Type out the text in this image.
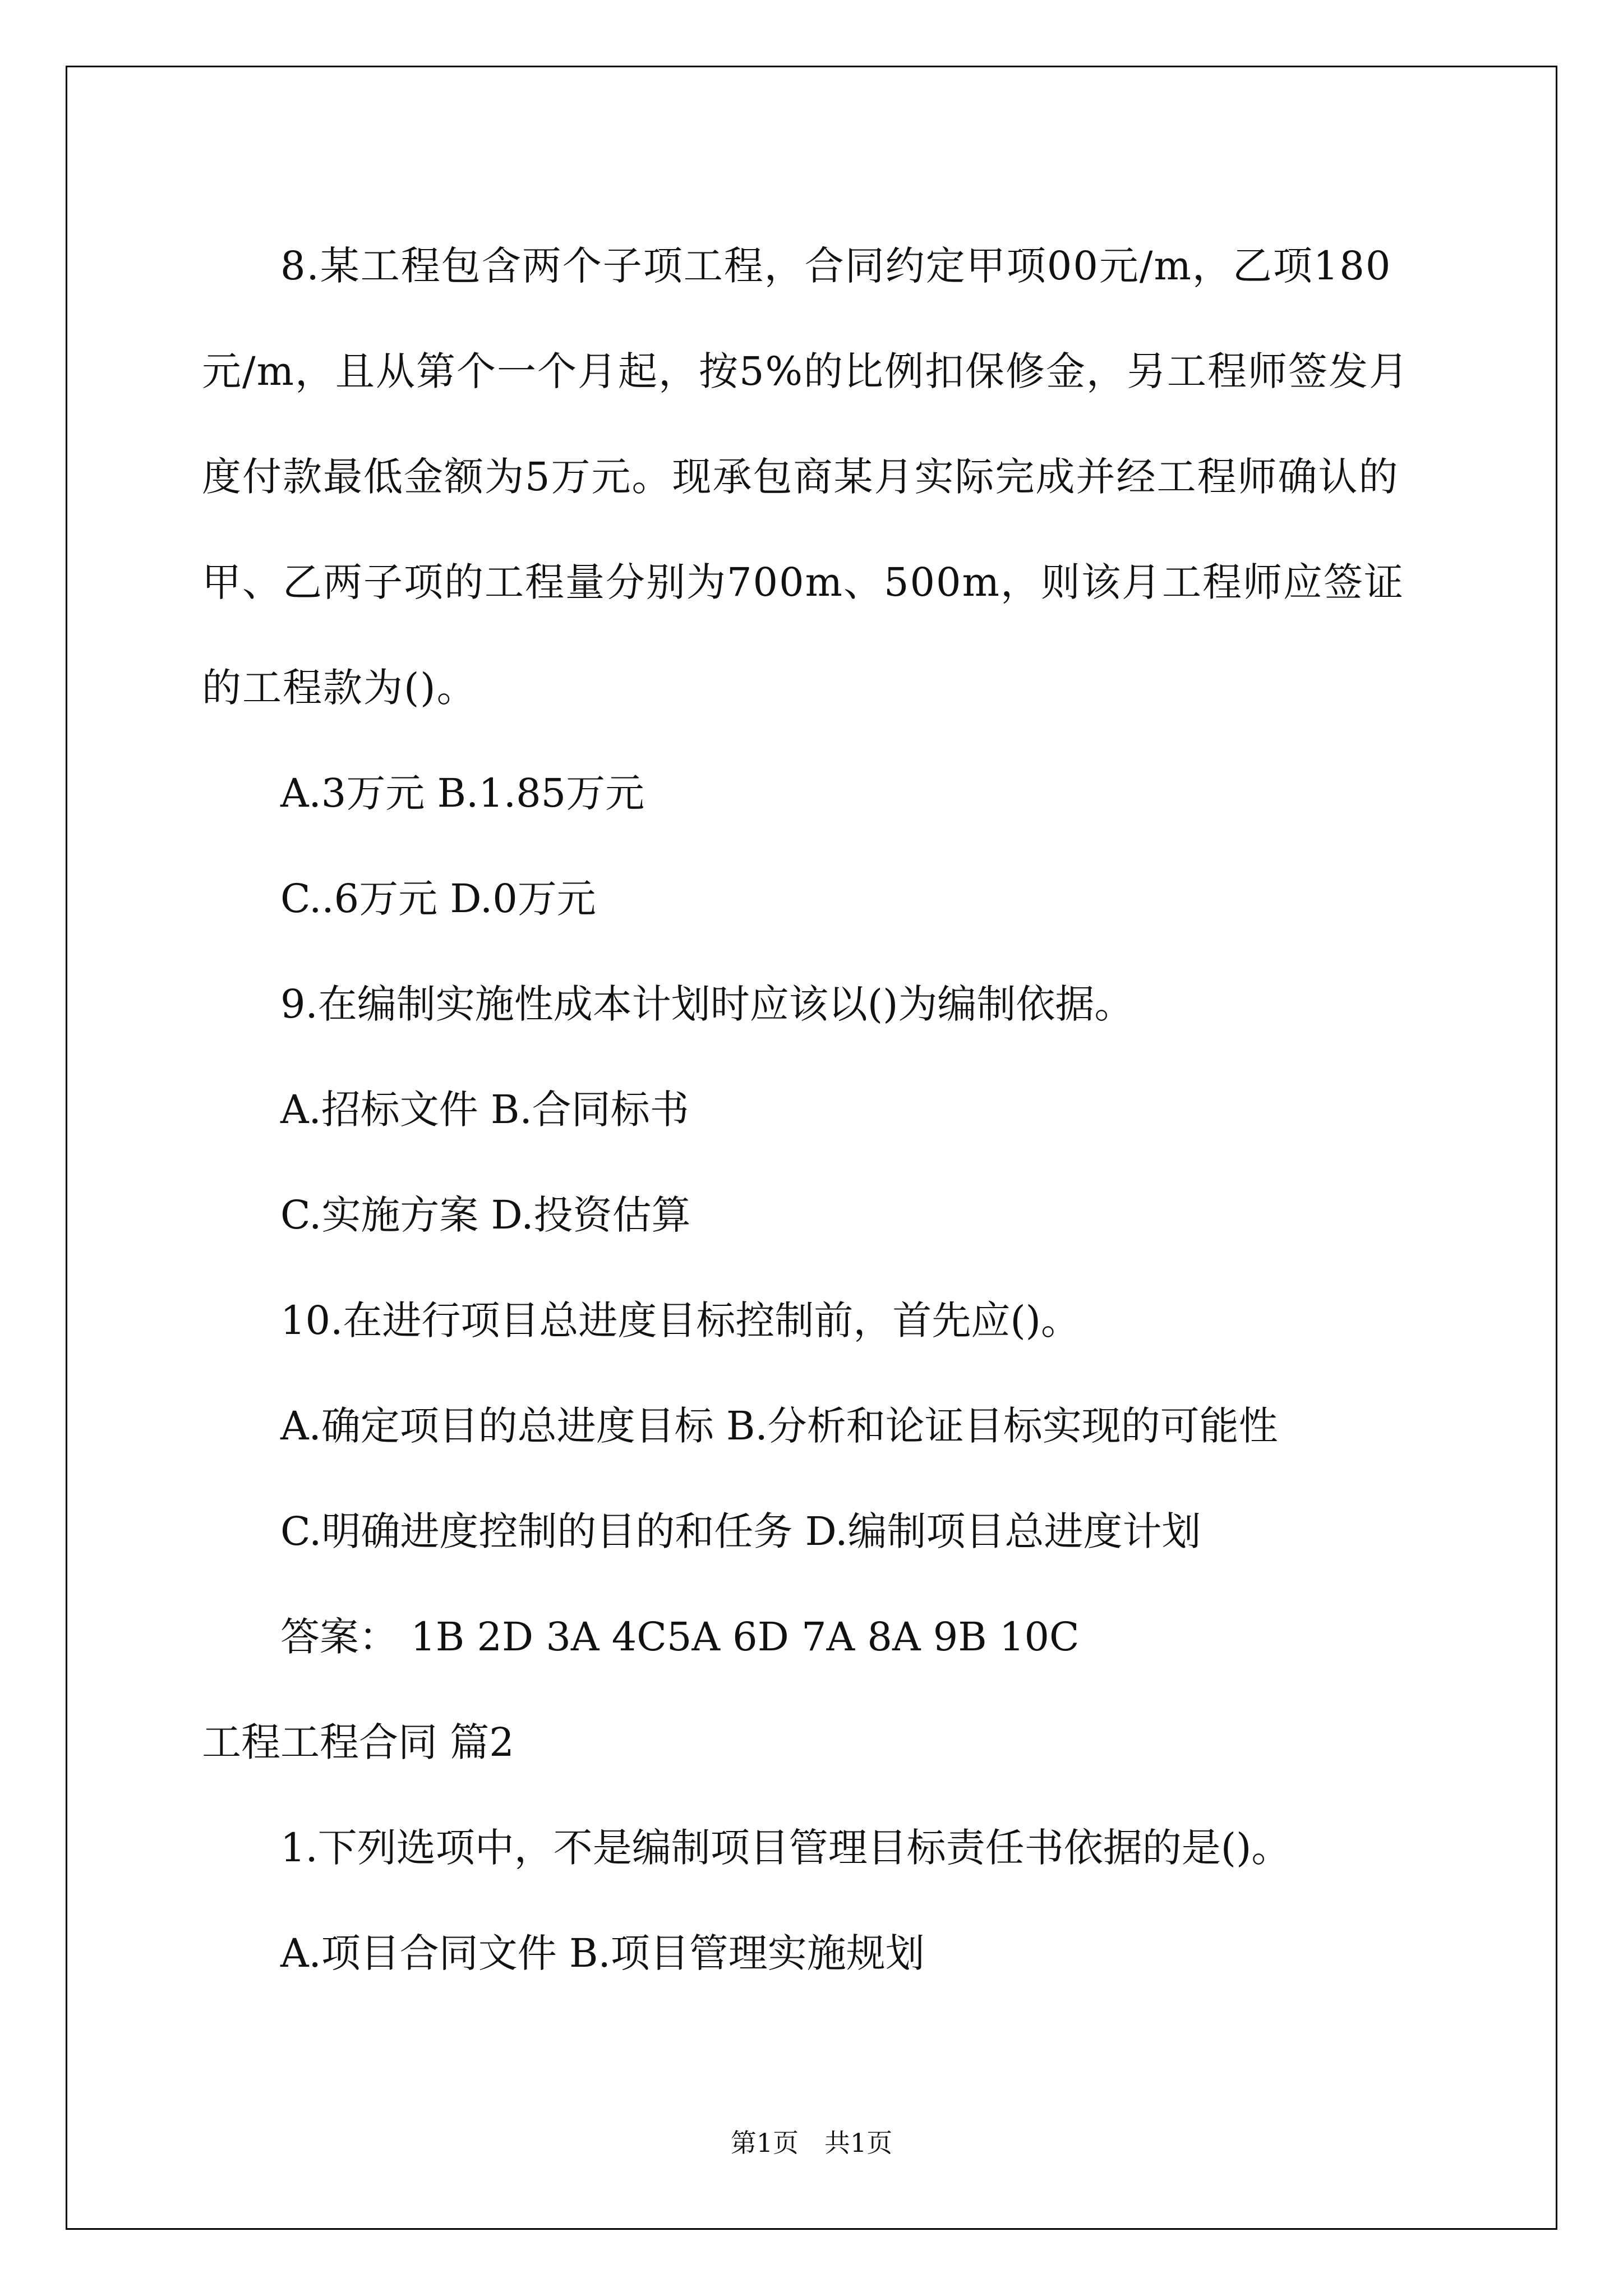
8.某工程包含两个子项工程，合同约定甲项00元/m，乙项180元/m，且从第个一个月起，按5%的比例扣保修金，另工程师签发月度付款最低金额为5万元。现承包商某月实际完成并经工程师确认的甲、乙两子项的工程量分别为700m、500m，则该月工程师应签证的工程款为()。

A.3万元 B.1.85万元

C..6万元 D.0万元

9.在编制实施性成本计划时应该以()为编制依据。

A.招标文件 B.合同标书

C.实施方案 D.投资估算

10.在进行项目总进度目标控制前，首先应()。

A.确定项目的总进度目标 B.分析和论证目标实现的可能性

C.明确进度控制的目的和任务 D.编制项目总进度计划

答案： 1B 2D 3A 4C5A 6D 7A 8A 9B 10C

工程工程合同 篇2

1.下列选项中，不是编制项目管理目标责任书依据的是()。

A.项目合同文件 B.项目管理实施规划

第1页　共1页
